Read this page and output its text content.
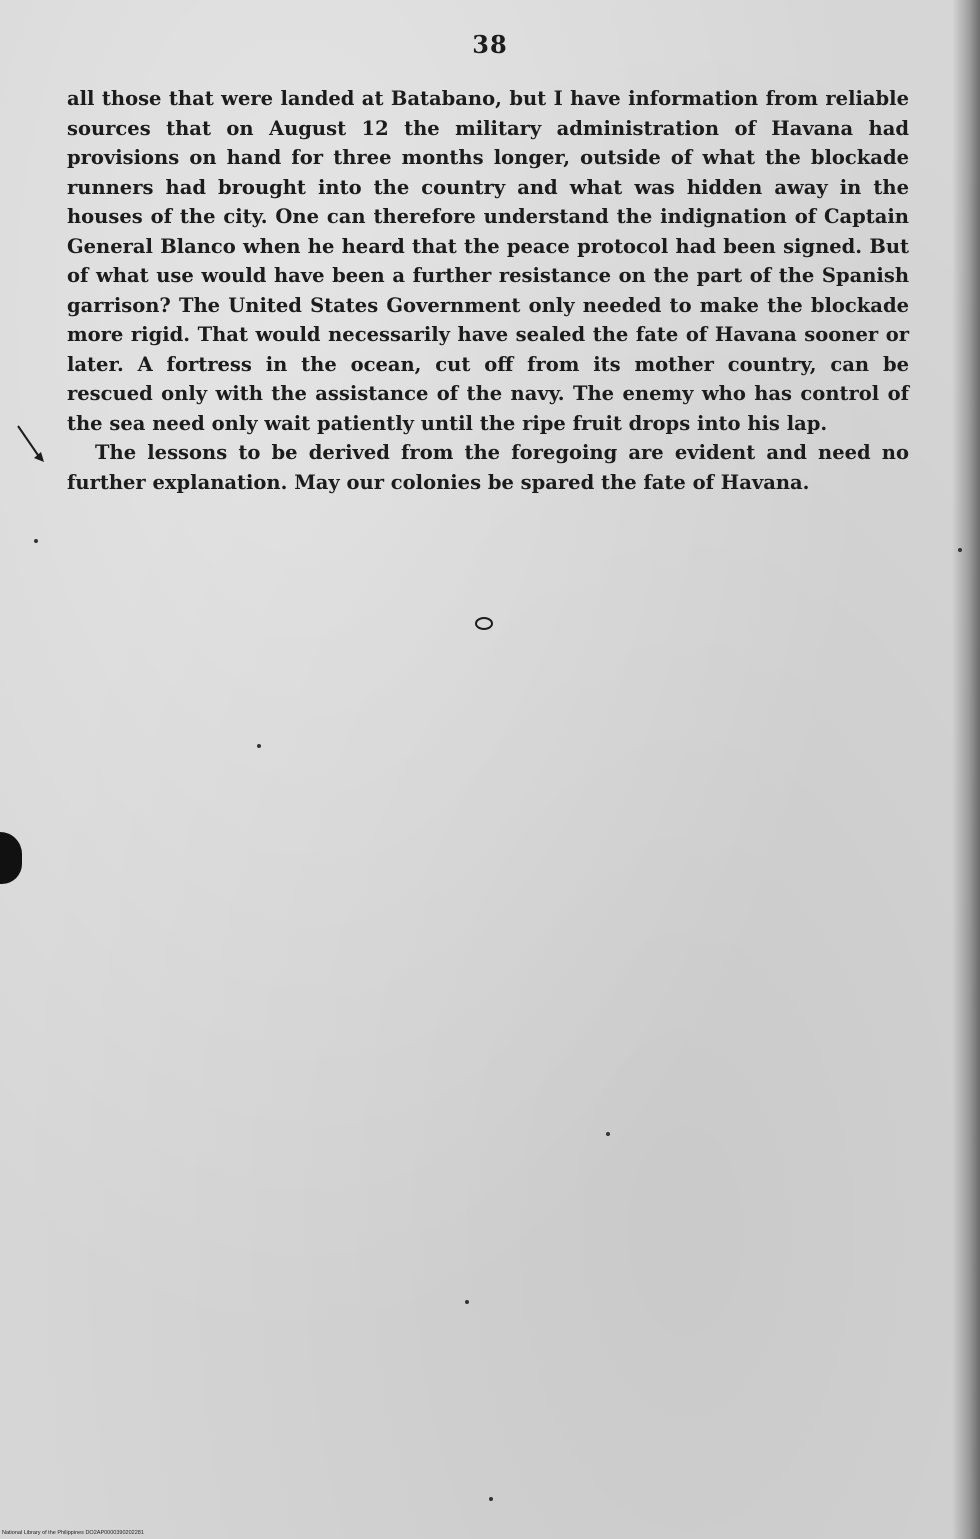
38

all those that were landed at Batabano, but I have information from reliable sources that on August 12 the military administration of Havana had provisions on hand for three months longer, outside of what the blockade runners had brought into the country and what was hidden away in the houses of the city. One can therefore understand the indignation of Captain General Blanco when he heard that the peace protocol had been signed. But of what use would have been a further resistance on the part of the Spanish garrison? The United States Government only needed to make the blockade more rigid. That would necessarily have sealed the fate of Havana sooner or later. A fortress in the ocean, cut off from its mother country, can be rescued only with the assistance of the navy. The enemy who has control of the sea need only wait patiently until the ripe fruit drops into his lap.

The lessons to be derived from the foregoing are evident and need no further explanation. May our colonies be spared the fate of Havana.

National Library of the Philippines DO2AP0000390202281
